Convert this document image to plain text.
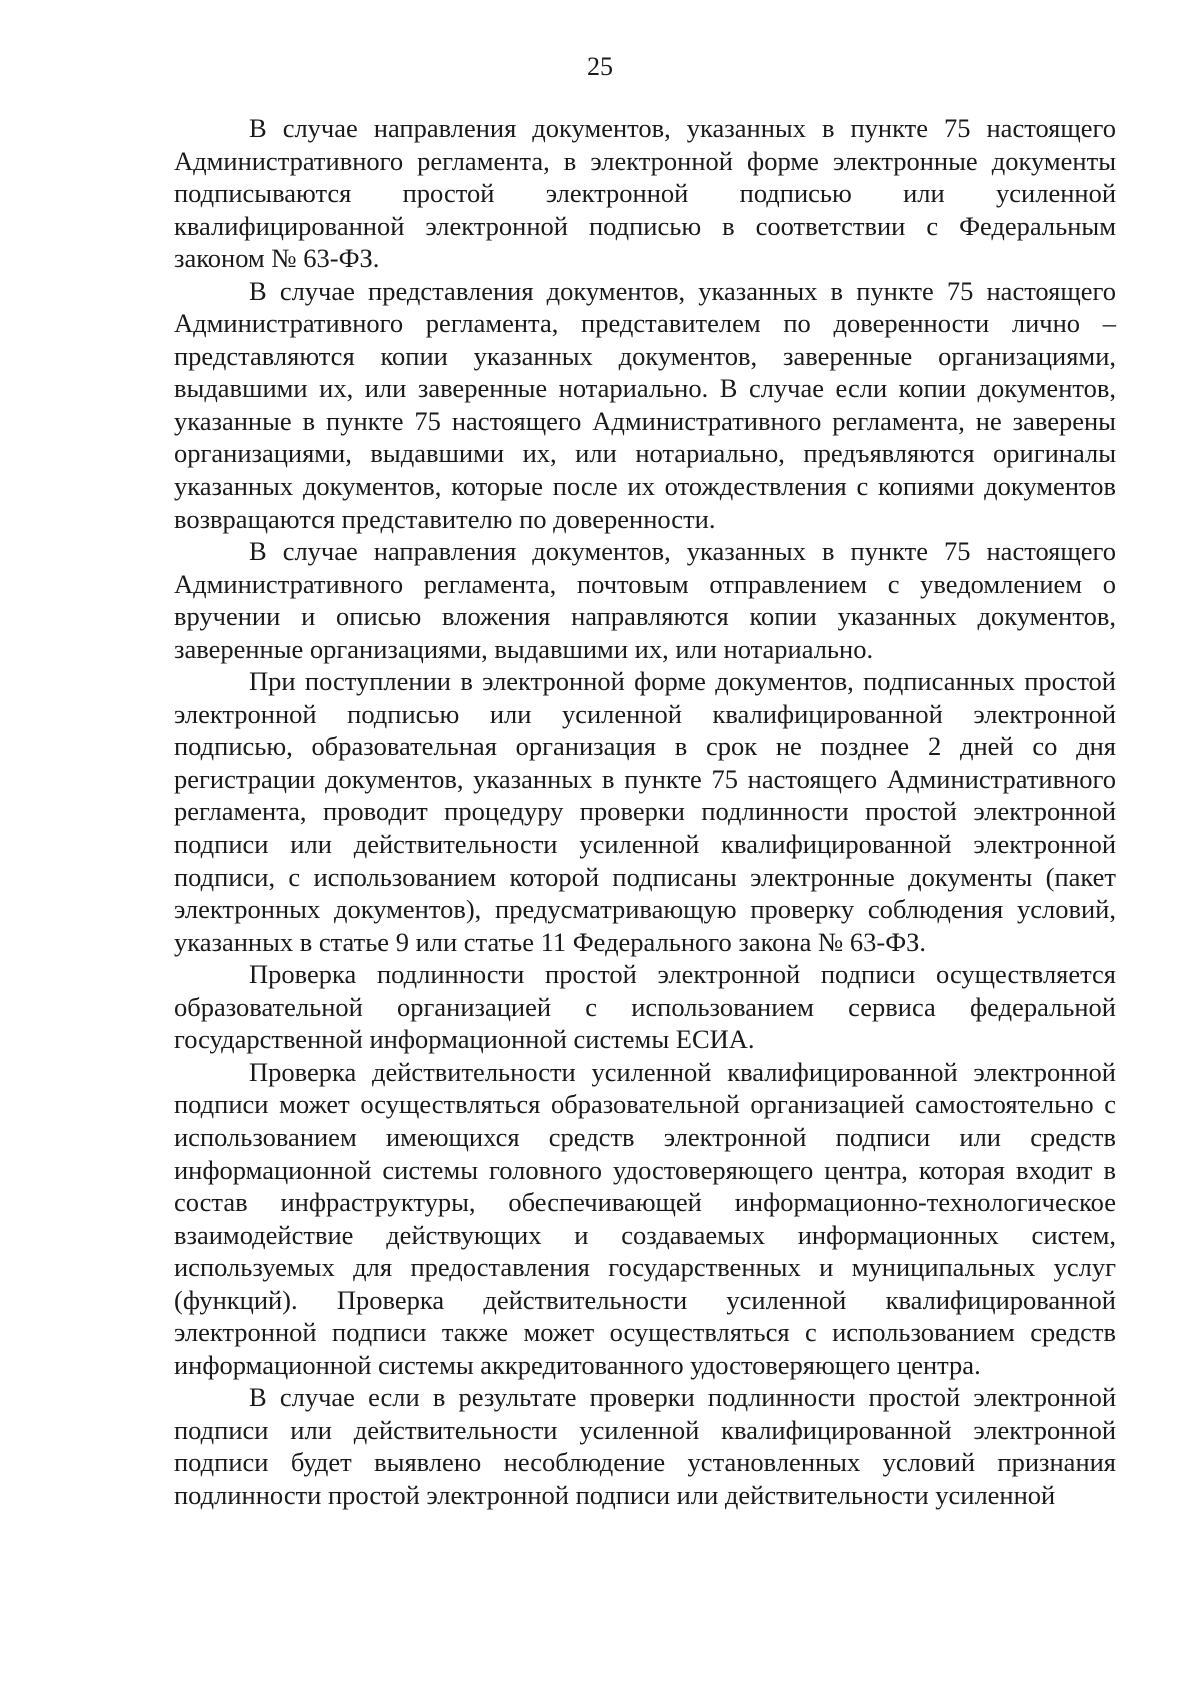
25

В случае направления документов, указанных в пункте 75 настоящего Административного регламента, в электронной форме электронные документы подписываются простой электронной подписью или усиленной квалифицированной электронной подписью в соответствии с Федеральным законом № 63-ФЗ.

В случае представления документов, указанных в пункте 75 настоящего Административного регламента, представителем по доверенности лично – представляются копии указанных документов, заверенные организациями, выдавшими их, или заверенные нотариально. В случае если копии документов, указанные в пункте 75 настоящего Административного регламента, не заверены организациями, выдавшими их, или нотариально, предъявляются оригиналы указанных документов, которые после их отождествления с копиями документов возвращаются представителю по доверенности.

В случае направления документов, указанных в пункте 75 настоящего Административного регламента, почтовым отправлением с уведомлением о вручении и описью вложения направляются копии указанных документов, заверенные организациями, выдавшими их, или нотариально.

При поступлении в электронной форме документов, подписанных простой электронной подписью или усиленной квалифицированной электронной подписью, образовательная организация в срок не позднее 2 дней со дня регистрации документов, указанных в пункте 75 настоящего Административного регламента, проводит процедуру проверки подлинности простой электронной подписи или действительности усиленной квалифицированной электронной подписи, с использованием которой подписаны электронные документы (пакет электронных документов), предусматривающую проверку соблюдения условий, указанных в статье 9 или статье 11 Федерального закона № 63-ФЗ.

Проверка подлинности простой электронной подписи осуществляется образовательной организацией с использованием сервиса федеральной государственной информационной системы ЕСИА.

Проверка действительности усиленной квалифицированной электронной подписи может осуществляться образовательной организацией самостоятельно с использованием имеющихся средств электронной подписи или средств информационной системы головного удостоверяющего центра, которая входит в состав инфраструктуры, обеспечивающей информационно-технологическое взаимодействие действующих и создаваемых информационных систем, используемых для предоставления государственных и муниципальных услуг (функций). Проверка действительности усиленной квалифицированной электронной подписи также может осуществляться с использованием средств информационной системы аккредитованного удостоверяющего центра.

В случае если в результате проверки подлинности простой электронной подписи или действительности усиленной квалифицированной электронной подписи будет выявлено несоблюдение установленных условий признания подлинности простой электронной подписи или действительности усиленной
